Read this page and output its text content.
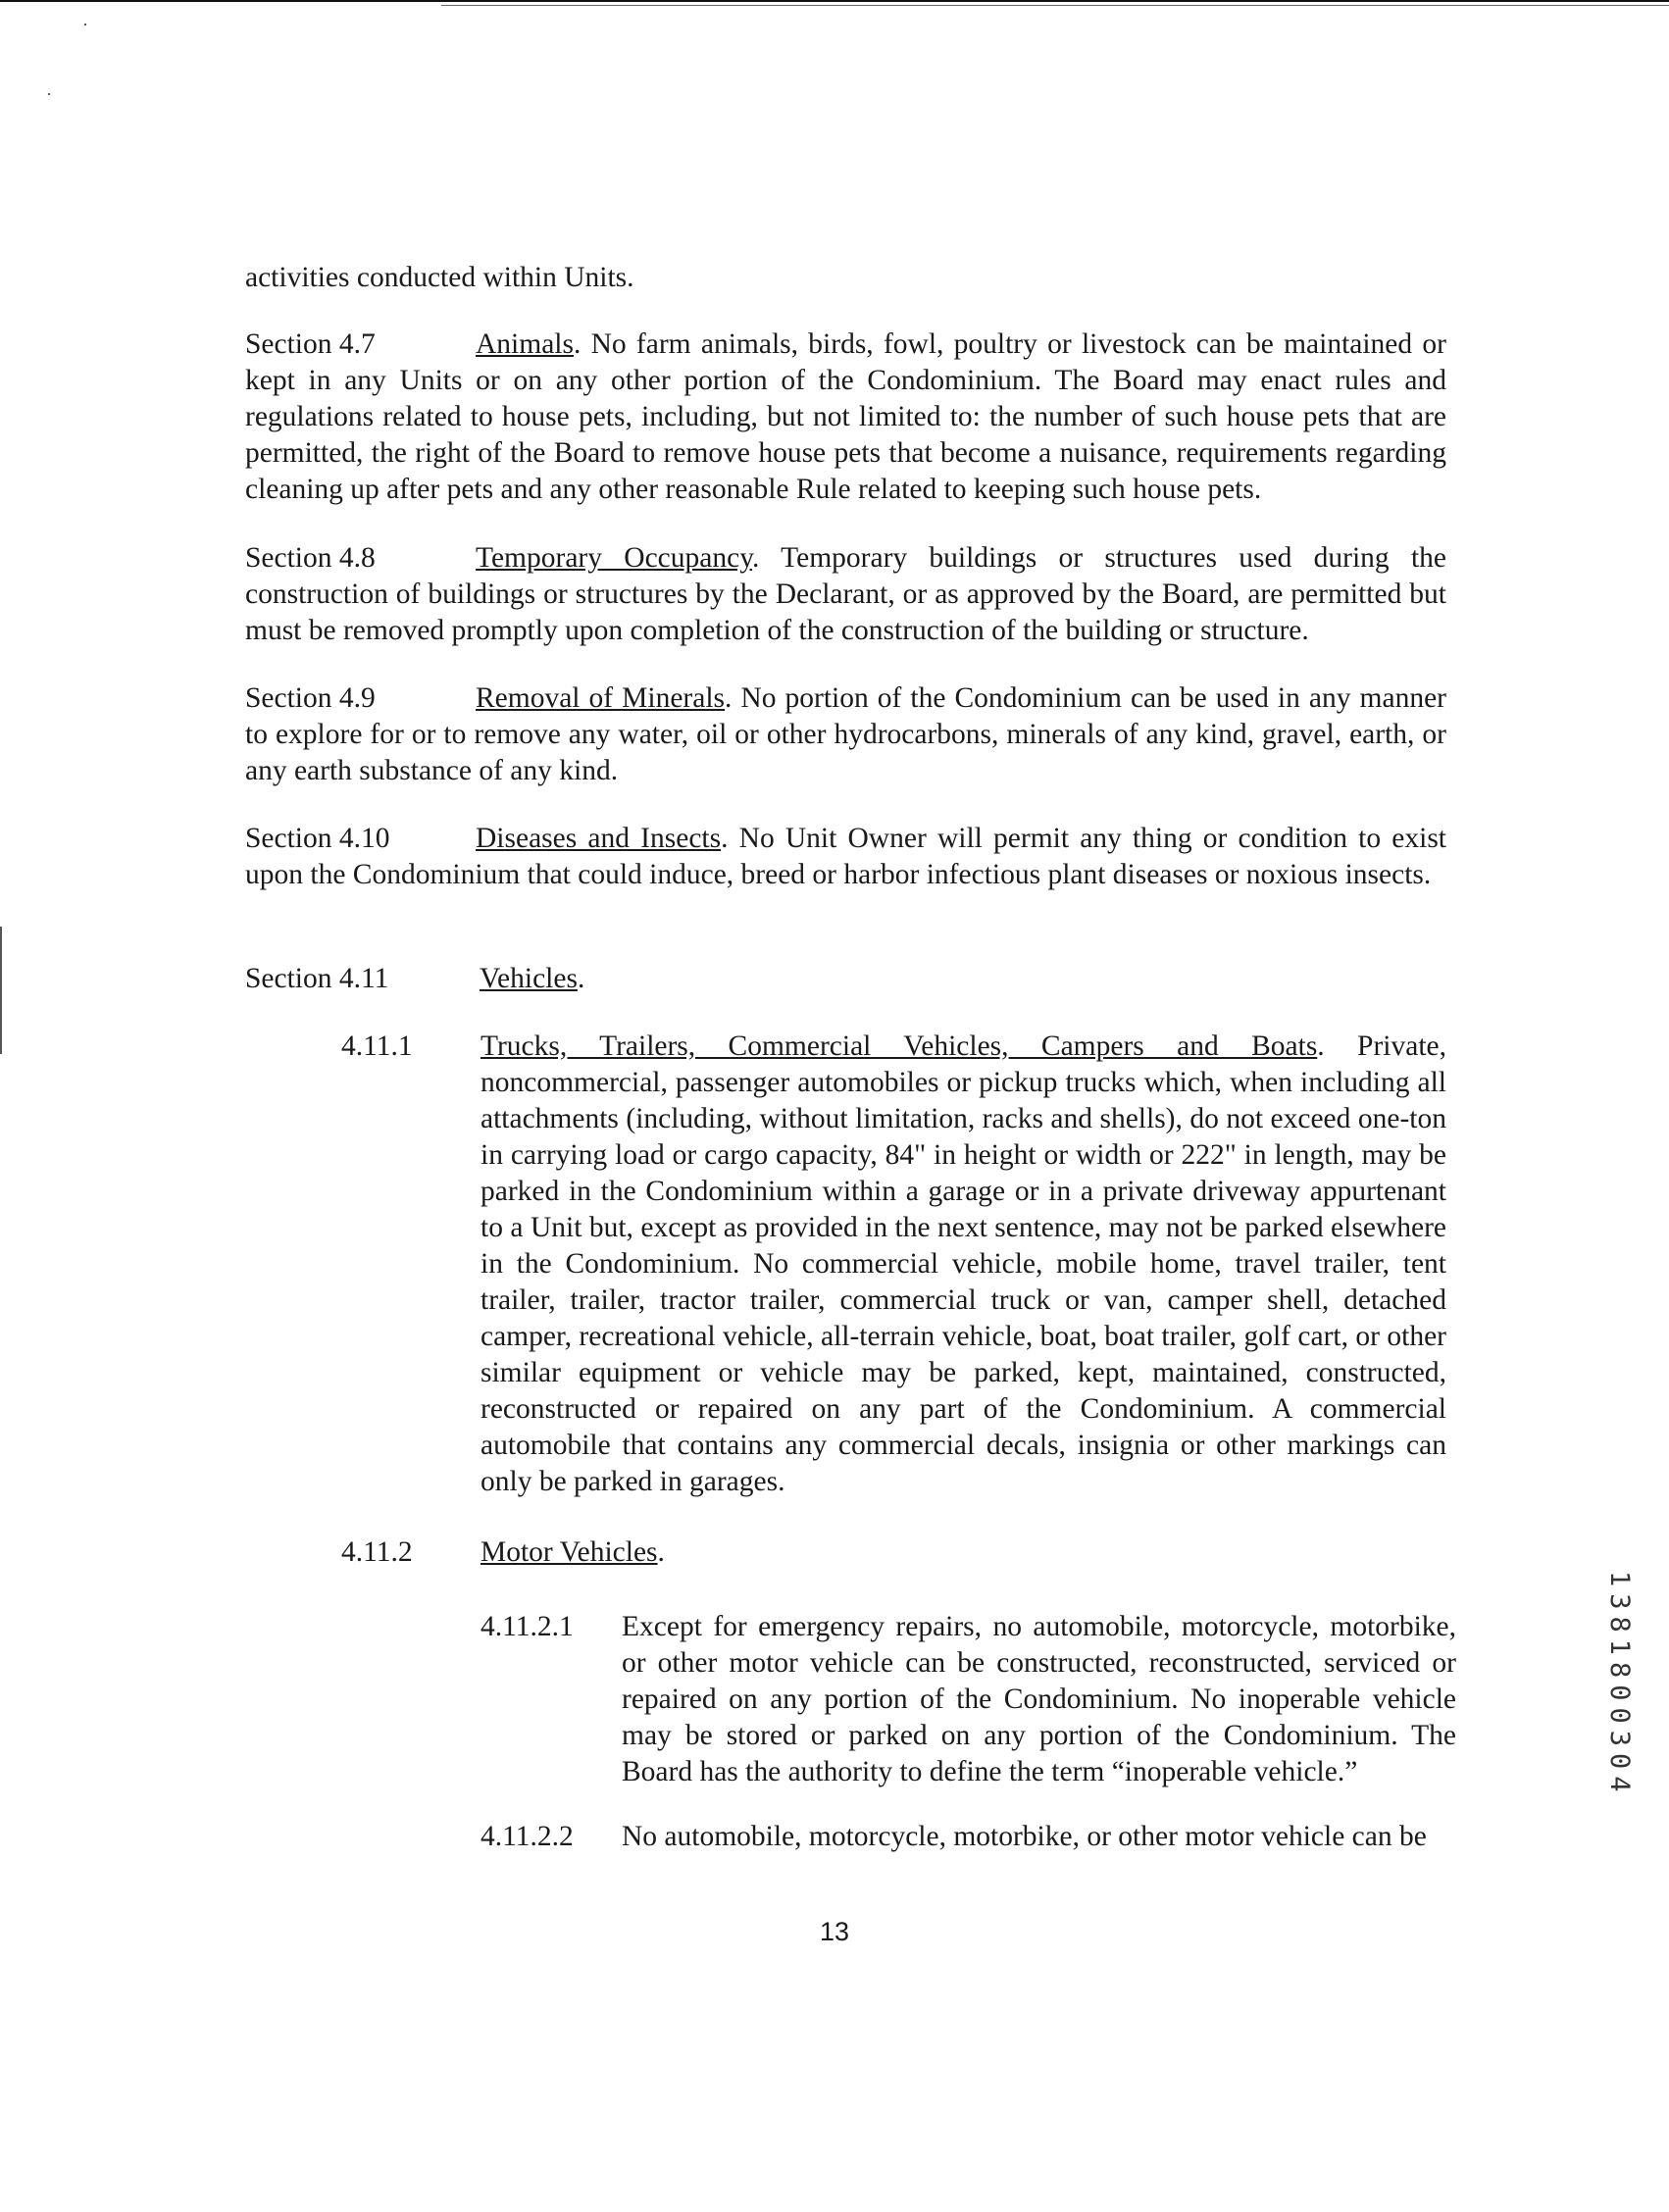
activities conducted within Units.

Animals. No farm animals, birds, fowl, poultry or livestock can be maintained or kept in any Units or on any other portion of the Condominium. The Board may enact rules and regulations related to house pets, including, but not limited to: the number of such house pets that are permitted, the right of the Board to remove house pets that become a nuisance, requirements regarding cleaning up after pets and any other reasonable Rule related to keeping such house pets.

Section 4.7

Temporary Occupancy. Temporary buildings or structures used during the construction of buildings or structures by the Declarant, or as approved by the Board, are permitted but must be removed promptly upon completion of the construction of the building or structure.

Section 4.8

Removal of Minerals. No portion of the Condominium can be used in any manner to explore for or to remove any water, oil or other hydrocarbons, minerals of any kind, gravel, earth, or any earth substance of any kind.

Section 4.9

Diseases and Insects. No Unit Owner will permit any thing or condition to exist upon the Condominium that could induce, breed or harbor infectious plant diseases or noxious insects.

Section 4.10
Section 4.11	Vehicles.
4.11.1 Trucks, Trailers, Commercial Vehicles, Campers and Boats. Private, noncommercial, passenger automobiles or pickup trucks which, when including all attachments (including, without limitation, racks and shells), do not exceed one-ton in carrying load or cargo capacity, 84" in height or width or 222" in length, may be parked in the Condominium within a garage or in a private driveway appurtenant to a Unit but, except as provided in the next sentence, may not be parked elsewhere in the Condominium. No commercial vehicle, mobile home, travel trailer, tent trailer, trailer, tractor trailer, commercial truck or van, camper shell, detached camper, recreational vehicle, all-terrain vehicle, boat, boat trailer, golf cart, or other similar equipment or vehicle may be parked, kept, maintained, constructed, reconstructed or repaired on any part of the Condominium. A commercial automobile that contains any commercial decals, insignia or other markings can only be parked in garages.

4.11.2 Motor Vehicles.

4.11.2.1 Except for emergency repairs, no automobile, motorcycle, motorbike, or other motor vehicle can be constructed, reconstructed, serviced or repaired on any portion of the Condominium. No inoperable vehicle may be stored or parked on any portion of the Condominium. The Board has the authority to define the term “inoperable vehicle.”

4.11.2.2 No automobile, motorcycle, motorbike, or other motor vehicle can be

13
1381800304
